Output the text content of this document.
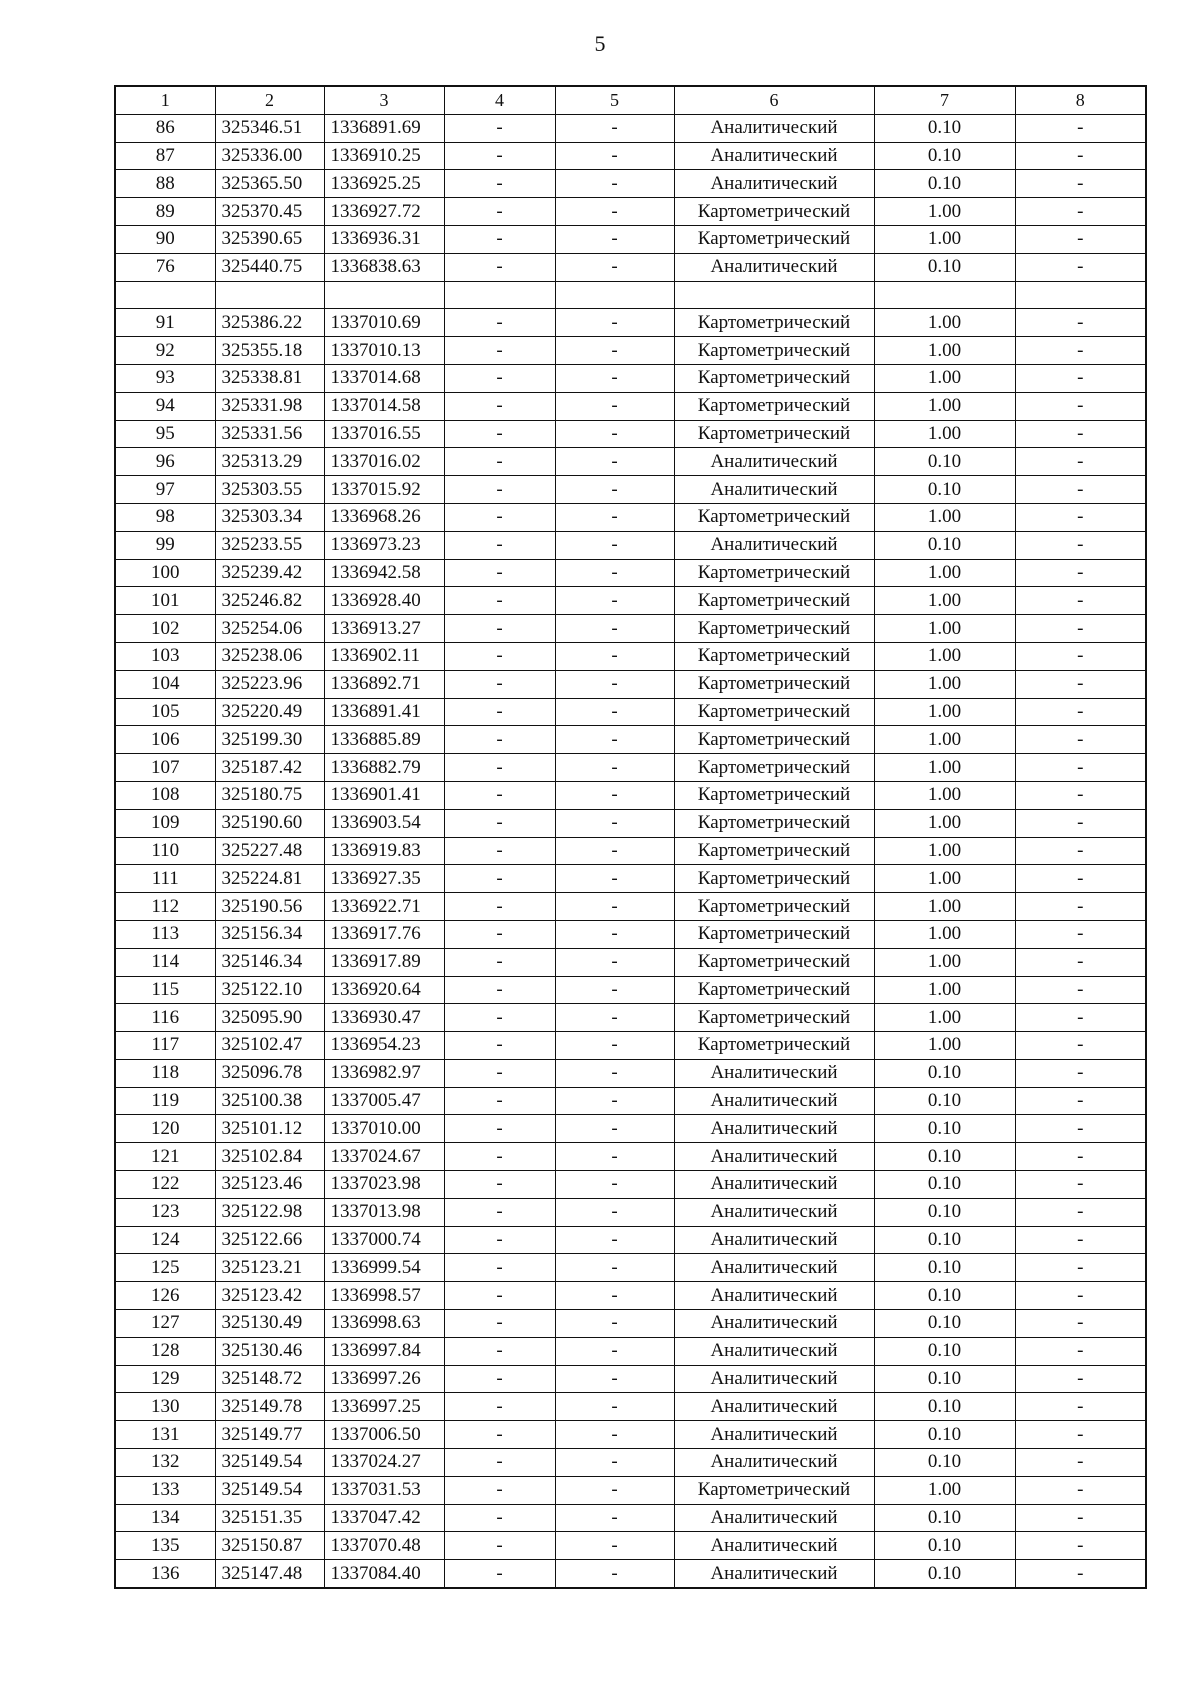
5
1	2	3	4	5	6	7	8
86	325346.51	1336891.69	-	-	Аналитический	0.10	-
87	325336.00	1336910.25	-	-	Аналитический	0.10	-
88	325365.50	1336925.25	-	-	Аналитический	0.10	-
89	325370.45	1336927.72	-	-	Картометрический	1.00	-
90	325390.65	1336936.31	-	-	Картометрический	1.00	-
76	325440.75	1336838.63	-	-	Аналитический	0.10	-

91	325386.22	1337010.69	-	-	Картометрический	1.00	-
92	325355.18	1337010.13	-	-	Картометрический	1.00	-
93	325338.81	1337014.68	-	-	Картометрический	1.00	-
94	325331.98	1337014.58	-	-	Картометрический	1.00	-
95	325331.56	1337016.55	-	-	Картометрический	1.00	-
96	325313.29	1337016.02	-	-	Аналитический	0.10	-
97	325303.55	1337015.92	-	-	Аналитический	0.10	-
98	325303.34	1336968.26	-	-	Картометрический	1.00	-
99	325233.55	1336973.23	-	-	Аналитический	0.10	-
100	325239.42	1336942.58	-	-	Картометрический	1.00	-
101	325246.82	1336928.40	-	-	Картометрический	1.00	-
102	325254.06	1336913.27	-	-	Картометрический	1.00	-
103	325238.06	1336902.11	-	-	Картометрический	1.00	-
104	325223.96	1336892.71	-	-	Картометрический	1.00	-
105	325220.49	1336891.41	-	-	Картометрический	1.00	-
106	325199.30	1336885.89	-	-	Картометрический	1.00	-
107	325187.42	1336882.79	-	-	Картометрический	1.00	-
108	325180.75	1336901.41	-	-	Картометрический	1.00	-
109	325190.60	1336903.54	-	-	Картометрический	1.00	-
110	325227.48	1336919.83	-	-	Картометрический	1.00	-
111	325224.81	1336927.35	-	-	Картометрический	1.00	-
112	325190.56	1336922.71	-	-	Картометрический	1.00	-
113	325156.34	1336917.76	-	-	Картометрический	1.00	-
114	325146.34	1336917.89	-	-	Картометрический	1.00	-
115	325122.10	1336920.64	-	-	Картометрический	1.00	-
116	325095.90	1336930.47	-	-	Картометрический	1.00	-
117	325102.47	1336954.23	-	-	Картометрический	1.00	-
118	325096.78	1336982.97	-	-	Аналитический	0.10	-
119	325100.38	1337005.47	-	-	Аналитический	0.10	-
120	325101.12	1337010.00	-	-	Аналитический	0.10	-
121	325102.84	1337024.67	-	-	Аналитический	0.10	-
122	325123.46	1337023.98	-	-	Аналитический	0.10	-
123	325122.98	1337013.98	-	-	Аналитический	0.10	-
124	325122.66	1337000.74	-	-	Аналитический	0.10	-
125	325123.21	1336999.54	-	-	Аналитический	0.10	-
126	325123.42	1336998.57	-	-	Аналитический	0.10	-
127	325130.49	1336998.63	-	-	Аналитический	0.10	-
128	325130.46	1336997.84	-	-	Аналитический	0.10	-
129	325148.72	1336997.26	-	-	Аналитический	0.10	-
130	325149.78	1336997.25	-	-	Аналитический	0.10	-
131	325149.77	1337006.50	-	-	Аналитический	0.10	-
132	325149.54	1337024.27	-	-	Аналитический	0.10	-
133	325149.54	1337031.53	-	-	Картометрический	1.00	-
134	325151.35	1337047.42	-	-	Аналитический	0.10	-
135	325150.87	1337070.48	-	-	Аналитический	0.10	-
136	325147.48	1337084.40	-	-	Аналитический	0.10	-
